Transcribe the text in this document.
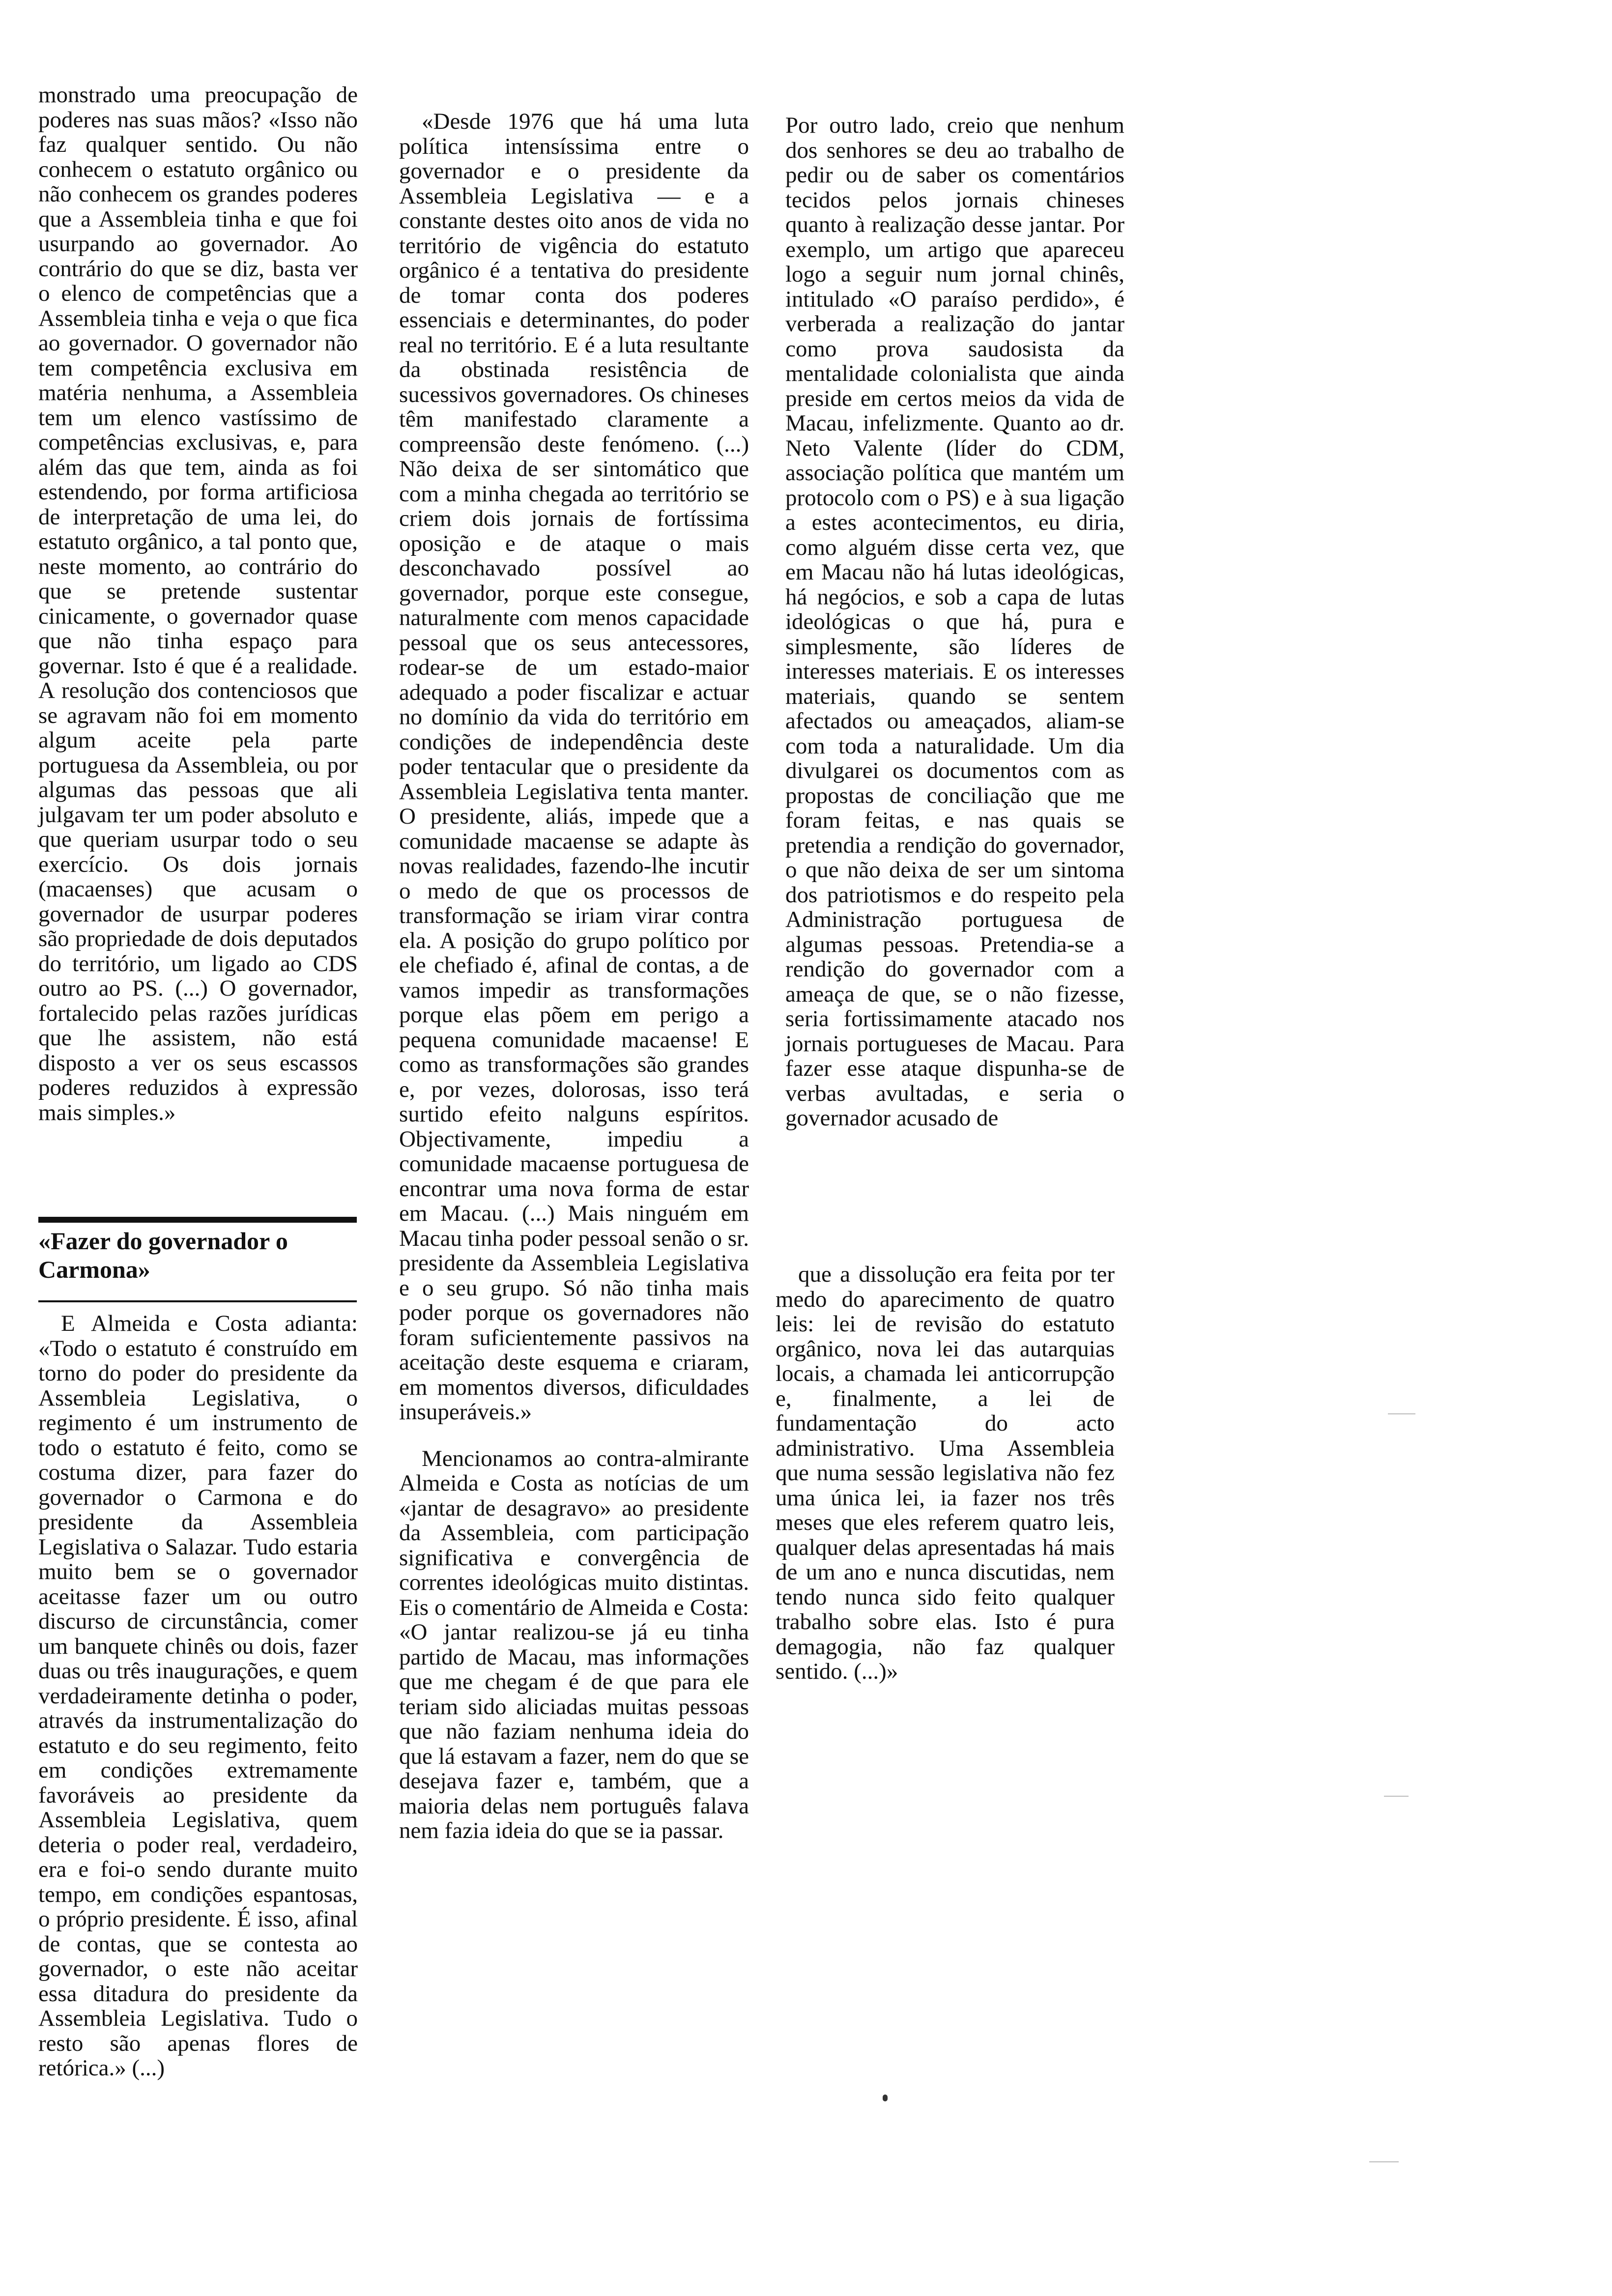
monstrado uma preocupação de poderes nas suas mãos? «Isso não faz qualquer sentido. Ou não conhecem o estatuto orgânico ou não conhecem os grandes poderes que a Assembleia tinha e que foi usurpando ao governador. Ao contrário do que se diz, basta ver o elenco de competências que a Assembleia tinha e veja o que fica ao governador. O governador não tem competência exclusiva em matéria nenhuma, a Assembleia tem um elenco vastíssimo de competências exclusivas, e, para além das que tem, ainda as foi estendendo, por forma artificiosa de interpretação de uma lei, do estatuto orgânico, a tal ponto que, neste momento, ao contrário do que se pretende sustentar cinicamente, o governador quase que não tinha espaço para governar. Isto é que é a realidade. A resolução dos contenciosos que se agravam não foi em momento algum aceite pela parte portuguesa da Assembleia, ou por algumas das pessoas que ali julgavam ter um poder absoluto e que queriam usurpar todo o seu exercício. Os dois jornais (macaenses) que acusam o governador de usurpar poderes são propriedade de dois deputados do território, um ligado ao CDS outro ao PS. (...) O governador, fortalecido pelas razões jurídicas que lhe assistem, não está disposto a ver os seus escassos poderes reduzidos à expressão mais simples.»

«Fazer do governador o Carmona»

E Almeida e Costa adianta: «Todo o estatuto é construído em torno do poder do presidente da Assembleia Legislativa, o regimento é um instrumento de todo o estatuto é feito, como se costuma dizer, para fazer do governador o Carmona e do presidente da Assembleia Legislativa o Salazar. Tudo estaria muito bem se o governador aceitasse fazer um ou outro discurso de circunstância, comer um banquete chinês ou dois, fazer duas ou três inaugurações, e quem verdadeiramente detinha o poder, através da instrumentalização do estatuto e do seu regimento, feito em condições extremamente favoráveis ao presidente da Assembleia Legislativa, quem deteria o poder real, verdadeiro, era e foi-o sendo durante muito tempo, em condições espantosas, o próprio presidente. É isso, afinal de contas, que se contesta ao governador, o este não aceitar essa ditadura do presidente da Assembleia Legislativa. Tudo o resto são apenas flores de retórica.» (...)

«Desde 1976 que há uma luta política intensíssima entre o governador e o presidente da Assembleia Legislativa — e a constante destes oito anos de vida no território de vigência do estatuto orgânico é a tentativa do presidente de tomar conta dos poderes essenciais e determinantes, do poder real no território. E é a luta resultante da obstinada resistência de sucessivos governadores. Os chineses têm manifestado claramente a compreensão deste fenómeno. (...) Não deixa de ser sintomático que com a minha chegada ao território se criem dois jornais de fortíssima oposição e de ataque o mais desconchavado possível ao governador, porque este consegue, naturalmente com menos capacidade pessoal que os seus antecessores, rodear-se de um estado-maior adequado a poder fiscalizar e actuar no domínio da vida do território em condições de independência deste poder tentacular que o presidente da Assembleia Legislativa tenta manter. O presidente, aliás, impede que a comunidade macaense se adapte às novas realidades, fazendo-lhe incutir o medo de que os processos de transformação se iriam virar contra ela. A posição do grupo político por ele chefiado é, afinal de contas, a de vamos impedir as transformações porque elas põem em perigo a pequena comunidade macaense! E como as transformações são grandes e, por vezes, dolorosas, isso terá surtido efeito nalguns espíritos. Objectivamente, impediu a comunidade macaense portuguesa de encontrar uma nova forma de estar em Macau. (...) Mais ninguém em Macau tinha poder pessoal senão o sr. presidente da Assembleia Legislativa e o seu grupo. Só não tinha mais poder porque os governadores não foram suficientemente passivos na aceitação deste esquema e criaram, em momentos diversos, dificuldades insuperáveis.»

Mencionamos ao contra-almirante Almeida e Costa as notícias de um «jantar de desagravo» ao presidente da Assembleia, com participação significativa e convergência de correntes ideológicas muito distintas. Eis o comentário de Almeida e Costa: «O jantar realizou-se já eu tinha partido de Macau, mas informações que me chegam é de que para ele teriam sido aliciadas muitas pessoas que não faziam nenhuma ideia do que lá estavam a fazer, nem do que se desejava fazer e, também, que a maioria delas nem português falava nem fazia ideia do que se ia passar.

Por outro lado, creio que nenhum dos senhores se deu ao trabalho de pedir ou de saber os comentários tecidos pelos jornais chineses quanto à realização desse jantar. Por exemplo, um artigo que apareceu logo a seguir num jornal chinês, intitulado «O paraíso perdido», é verberada a realização do jantar como prova saudosista da mentalidade colonialista que ainda preside em certos meios da vida de Macau, infelizmente. Quanto ao dr. Neto Valente (líder do CDM, associação política que mantém um protocolo com o PS) e à sua ligação a estes acontecimentos, eu diria, como alguém disse certa vez, que em Macau não há lutas ideológicas, há negócios, e sob a capa de lutas ideológicas o que há, pura e simplesmente, são líderes de interesses materiais. E os interesses materiais, quando se sentem afectados ou ameaçados, aliam-se com toda a naturalidade. Um dia divulgarei os documentos com as propostas de conciliação que me foram feitas, e nas quais se pretendia a rendição do governador, o que não deixa de ser um sintoma dos patriotismos e do respeito pela Administração portuguesa de algumas pessoas. Pretendia-se a rendição do governador com a ameaça de que, se o não fizesse, seria fortissimamente atacado nos jornais portugueses de Macau. Para fazer esse ataque dispunha-se de verbas avultadas, e seria o governador acusado de

que a dissolução era feita por ter medo do aparecimento de quatro leis: lei de revisão do estatuto orgânico, nova lei das autarquias locais, a chamada lei anticorrupção e, finalmente, a lei de fundamentação do acto administrativo. Uma Assembleia que numa sessão legislativa não fez uma única lei, ia fazer nos três meses que eles referem quatro leis, qualquer delas apresentadas há mais de um ano e nunca discutidas, nem tendo nunca sido feito qualquer trabalho sobre elas. Isto é pura demagogia, não faz qualquer sentido. (...)»
